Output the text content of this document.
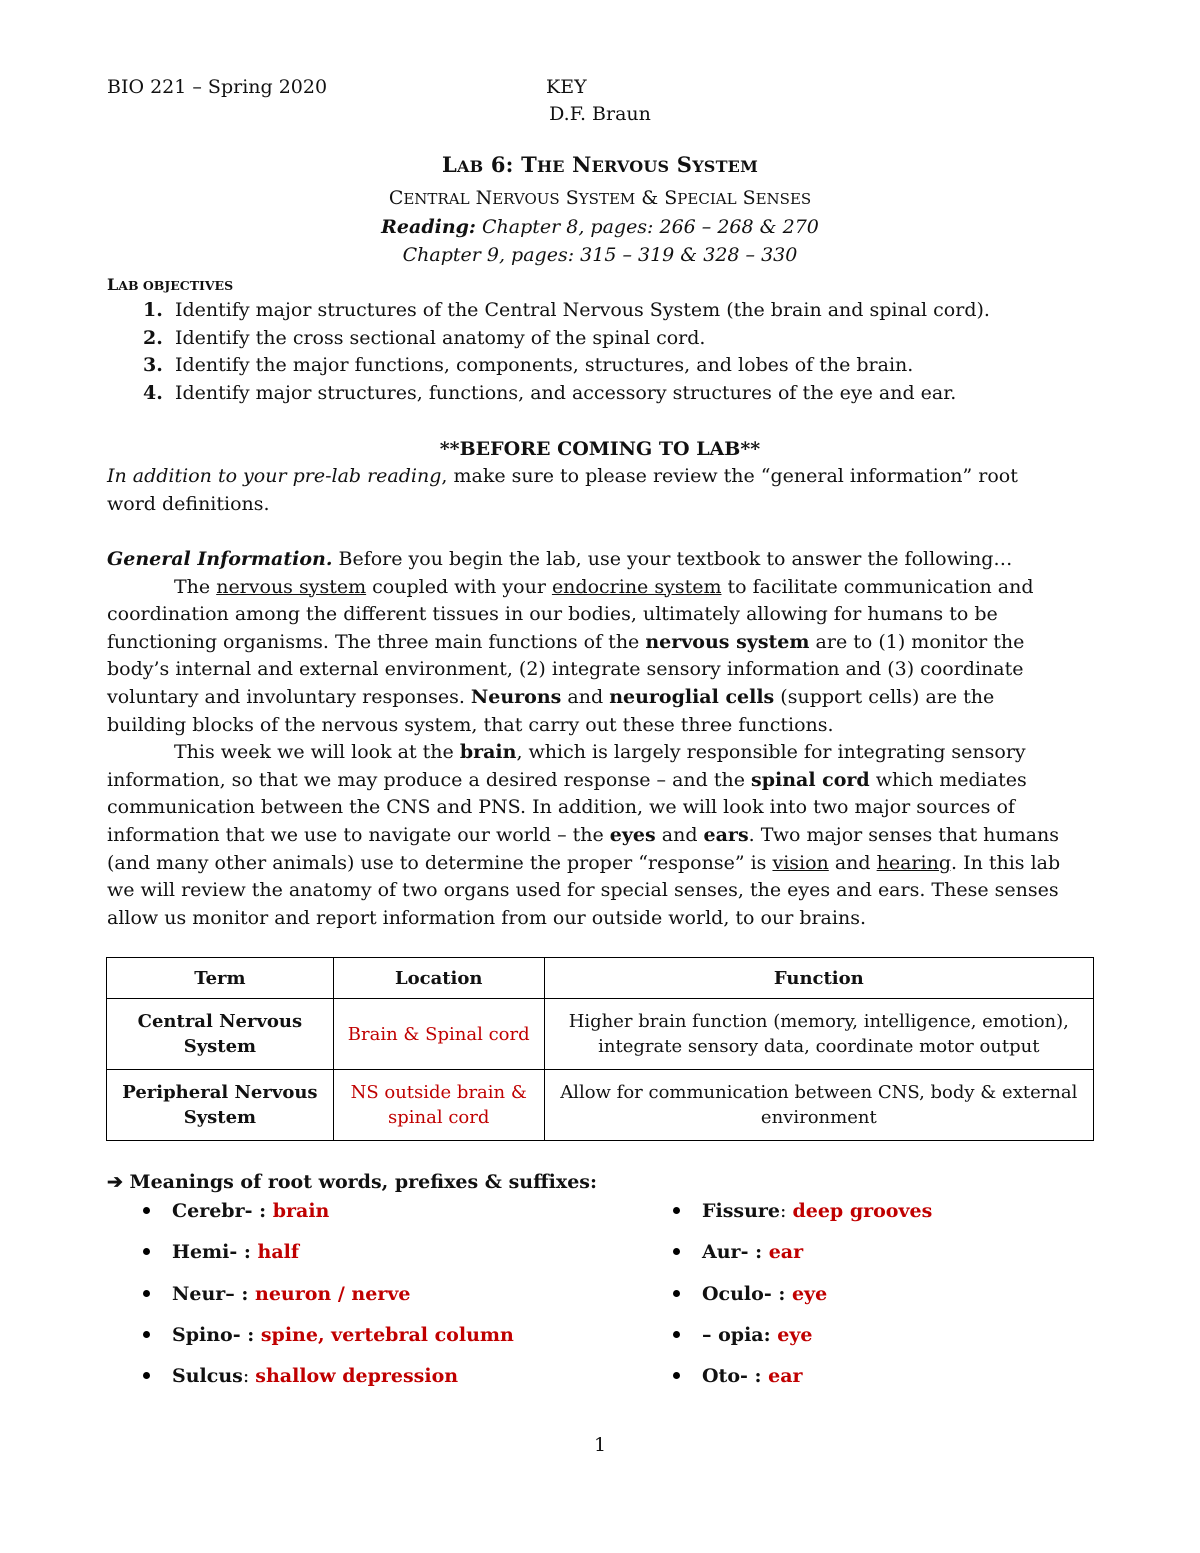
BIO 221 – Spring 2020	KEY
D.F. Braun
LAB 6: THE NERVOUS SYSTEM
CENTRAL NERVOUS SYSTEM & SPECIAL SENSES
Reading: Chapter 8, pages: 266 – 268 & 270
Chapter 9, pages: 315 – 319 & 328 – 330
LAB OBJECTIVES
1. Identify major structures of the Central Nervous System (the brain and spinal cord).
2. Identify the cross sectional anatomy of the spinal cord.
3. Identify the major functions, components, structures, and lobes of the brain.
4. Identify major structures, functions, and accessory structures of the eye and ear.
**BEFORE COMING TO LAB**
In addition to your pre-lab reading, make sure to please review the “general information” root
word definitions.
General Information. Before you begin the lab, use your textbook to answer the following…
The nervous system coupled with your endocrine system to facilitate communication and
coordination among the different tissues in our bodies, ultimately allowing for humans to be
functioning organisms. The three main functions of the nervous system are to (1) monitor the
body’s internal and external environment, (2) integrate sensory information and (3) coordinate
voluntary and involuntary responses. Neurons and neuroglial cells (support cells) are the
building blocks of the nervous system, that carry out these three functions.
This week we will look at the brain, which is largely responsible for integrating sensory
information, so that we may produce a desired response – and the spinal cord which mediates
communication between the CNS and PNS. In addition, we will look into two major sources of
information that we use to navigate our world – the eyes and ears. Two major senses that humans
(and many other animals) use to determine the proper “response” is vision and hearing. In this lab
we will review the anatomy of two organs used for special senses, the eyes and ears. These senses
allow us monitor and report information from our outside world, to our brains.
Term	Location	Function
Central Nervous
System	Brain & Spinal cord	Higher brain function (memory, intelligence, emotion),
integrate sensory data, coordinate motor output
Peripheral Nervous
System	NS outside brain &
spinal cord	Allow for communication between CNS, body & external
environment
➔ Meanings of root words, prefixes & suffixes:
Cerebr- : brain
Hemi- : half
Neur– : neuron / nerve
Spino- : spine, vertebral column
Sulcus: shallow depression
Fissure: deep grooves
Aur- : ear
Oculo- : eye
– opia: eye
Oto- : ear
1
